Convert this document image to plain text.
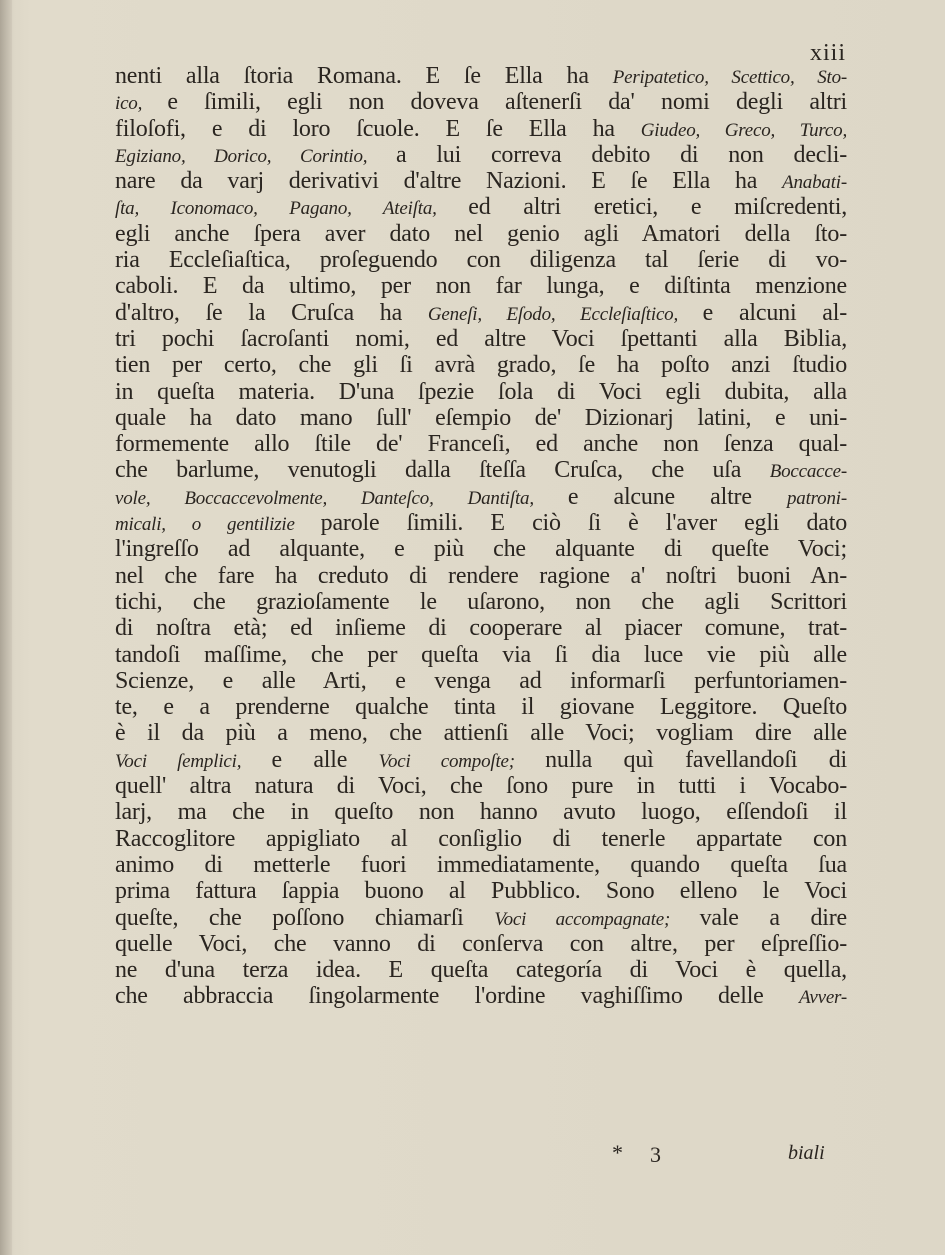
xiii
nenti alla ſtoria Romana. E ſe Ella ha Peripatetico, Scettico, Sto-
ico, e ſimili, egli non doveva aſtenerſi da' nomi degli altri
filoſofi, e di loro ſcuole. E ſe Ella ha Giudeo, Greco, Turco,
Egiziano, Dorico, Corintio, a lui correva debito di non decli-
nare da varj derivativi d'altre Nazioni. E ſe Ella ha Anabati-
ſta, Iconomaco, Pagano, Ateiſta, ed altri eretici, e miſcredenti,
egli anche ſpera aver dato nel genio agli Amatori della ſto-
ria Eccleſiaſtica, proſeguendo con diligenza tal ſerie di vo-
caboli. E da ultimo, per non far lunga, e diſtinta menzione
d'altro, ſe la Cruſca ha Geneſi, Eſodo, Eccleſiaſtico, e alcuni al-
tri pochi ſacroſanti nomi, ed altre Voci ſpettanti alla Biblia,
tien per certo, che gli ſi avrà grado, ſe ha poſto anzi ſtudio
in queſta materia. D'una ſpezie ſola di Voci egli dubita, alla
quale ha dato mano ſull' eſempio de' Dizionarj latini, e uni-
formemente allo ſtile de' Franceſi, ed anche non ſenza qual-
che barlume, venutogli dalla ſteſſa Cruſca, che uſa Boccacce-
vole, Boccaccevolmente, Danteſco, Dantiſta, e alcune altre patroni-
micali, o gentilizie parole ſimili. E ciò ſi è l'aver egli dato
l'ingreſſo ad alquante, e più che alquante di queſte Voci;
nel che fare ha creduto di rendere ragione a' noſtri buoni An-
tichi, che grazioſamente le uſarono, non che agli Scrittori
di noſtra età; ed inſieme di cooperare al piacer comune, trat-
tandoſi maſſime, che per queſta via ſi dia luce vie più alle
Scienze, e alle Arti, e venga ad informarſi perfuntoriamen-
te, e a prenderne qualche tinta il giovane Leggitore. Queſto
è il da più a meno, che attienſi alle Voci; vogliam dire alle
Voci ſemplici, e alle Voci compoſte; nulla quì favellandoſi di
quell' altra natura di Voci, che ſono pure in tutti i Vocabo-
larj, ma che in queſto non hanno avuto luogo, eſſendoſi il
Raccoglitore appigliato al conſiglio di tenerle appartate con
animo di metterle fuori immediatamente, quando queſta ſua
prima fattura ſappia buono al Pubblico. Sono elleno le Voci
queſte, che poſſono chiamarſi Voci accompagnate; vale a dire
quelle Voci, che vanno di conſerva con altre, per eſpreſſio-
ne d'una terza idea. E queſta categoría di Voci è quella,
che abbraccia ſingolarmente l'ordine vaghiſſimo delle Avver-
* 3	biali
